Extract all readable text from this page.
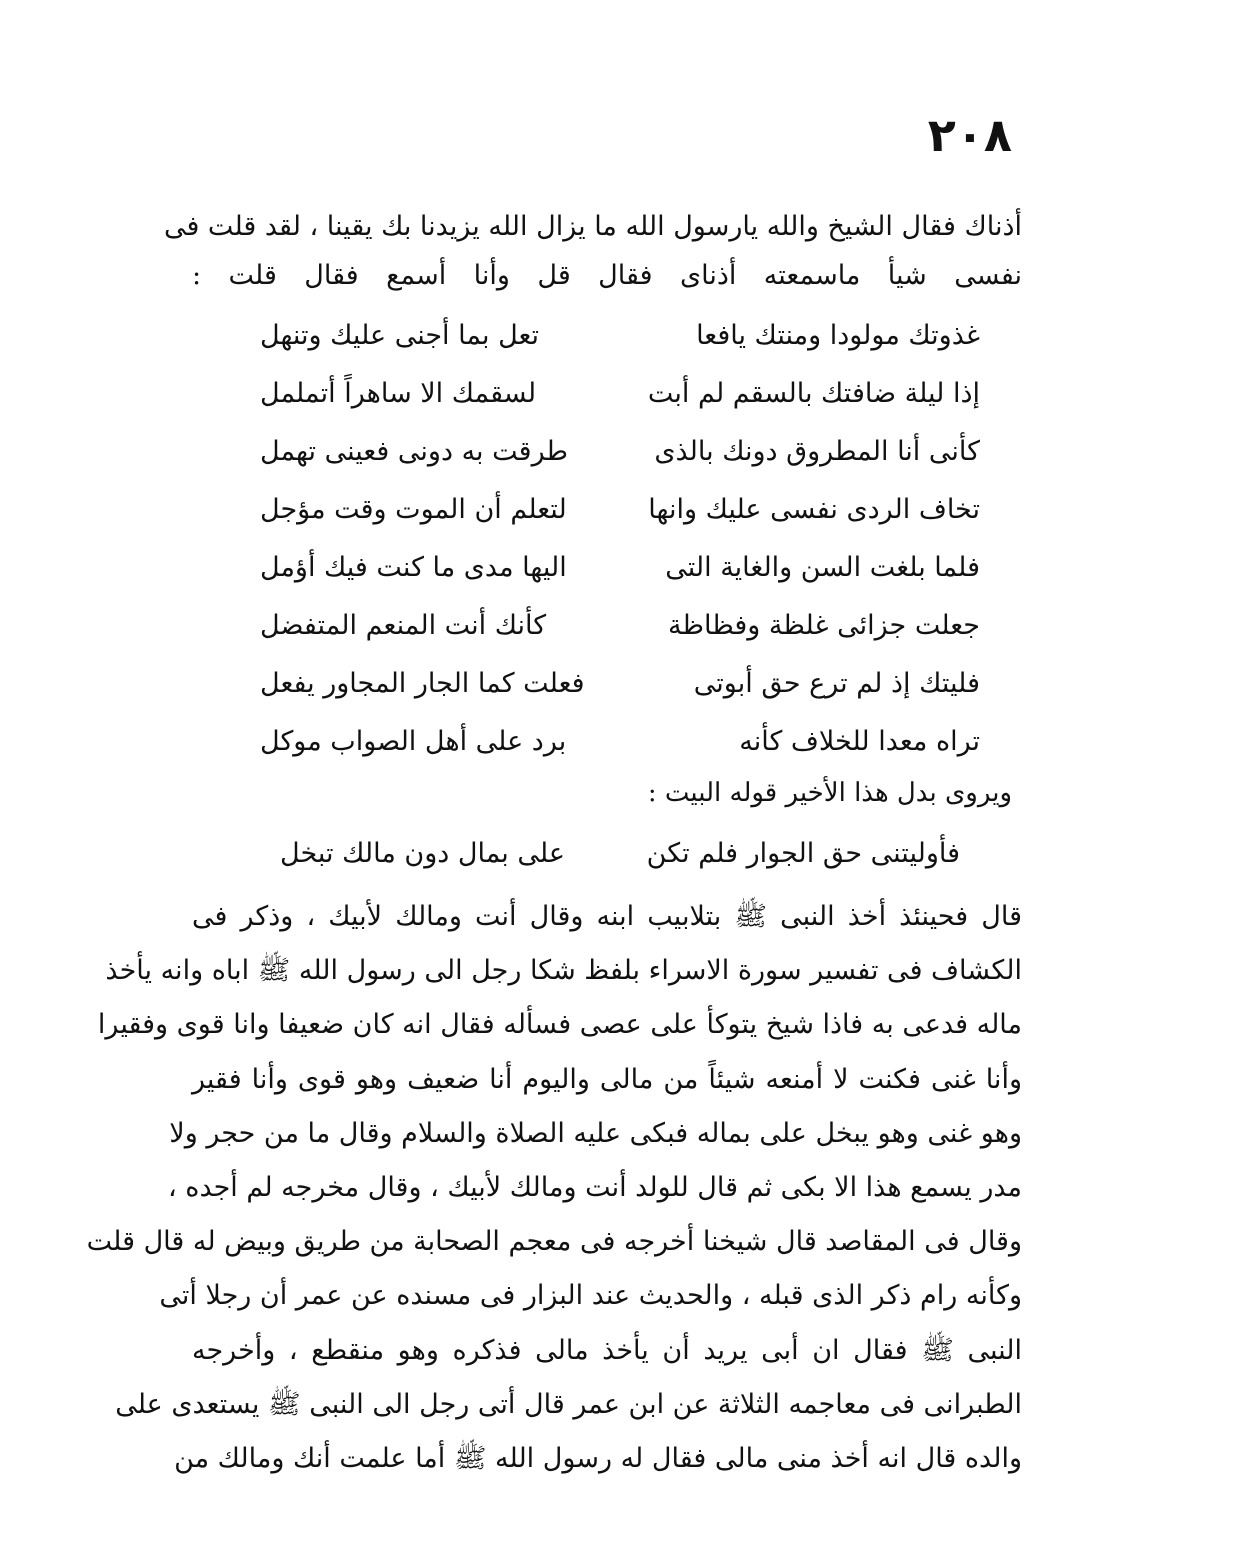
٢٠٨
أذناك فقال الشيخ والله يارسول الله ما يزال الله يزيدنا بك يقينا ، لقد قلت فى
نفسى شيأ ماسمعته أذناى فقال قل وأنا أسمع فقال قلت :
غذوتك مولودا ومنتك يافعا
تعل بما أجنى عليك وتنهل
إذا ليلة ضافتك بالسقم لم أبت
لسقمك الا ساهراً أتململ
كأنى أنا المطروق دونك بالذى
طرقت به دونى فعينى تهمل
تخاف الردى نفسى عليك وانها
لتعلم أن الموت وقت مؤجل
فلما بلغت السن والغاية التى
اليها مدى ما كنت فيك أؤمل
جعلت جزائى غلظة وفظاظة
كأنك أنت المنعم المتفضل
فليتك إذ لم ترع حق أبوتى
فعلت كما الجار المجاور يفعل
تراه معدا للخلاف كأنه
برد على أهل الصواب موكل
ويروى بدل هذا الأخير قوله البيت :
فأوليتنى حق الجوار فلم تكن
على بمال دون مالك تبخل
قال فحينئذ أخذ النبى ﷺ بتلابيب ابنه وقال أنت ومالك لأبيك ، وذكر فى
الكشاف فى تفسير سورة الاسراء بلفظ شكا رجل الى رسول الله ﷺ اباه وانه يأخذ
ماله فدعى به فاذا شيخ يتوكأ على عصى فسأله فقال انه كان ضعيفا وانا قوى وفقيرا
وأنا غنى فكنت لا أمنعه شيئاً من مالى واليوم أنا ضعيف وهو قوى وأنا فقير
وهو غنى وهو يبخل على بماله فبكى عليه الصلاة والسلام وقال ما من حجر ولا
مدر يسمع هذا الا بكى ثم قال للولد أنت ومالك لأبيك ، وقال مخرجه لم أجده ،
وقال فى المقاصد قال شيخنا أخرجه فى معجم الصحابة من طريق وبيض له قال قلت
وكأنه رام ذكر الذى قبله ، والحديث عند البزار فى مسنده عن عمر أن رجلا أتى
النبى ﷺ فقال ان أبى يريد أن يأخذ مالى فذكره وهو منقطع ، وأخرجه
الطبرانى فى معاجمه الثلاثة عن ابن عمر قال أتى رجل الى النبى ﷺ يستعدى على
والده قال انه أخذ منى مالى فقال له رسول الله ﷺ أما علمت أنك ومالك من
